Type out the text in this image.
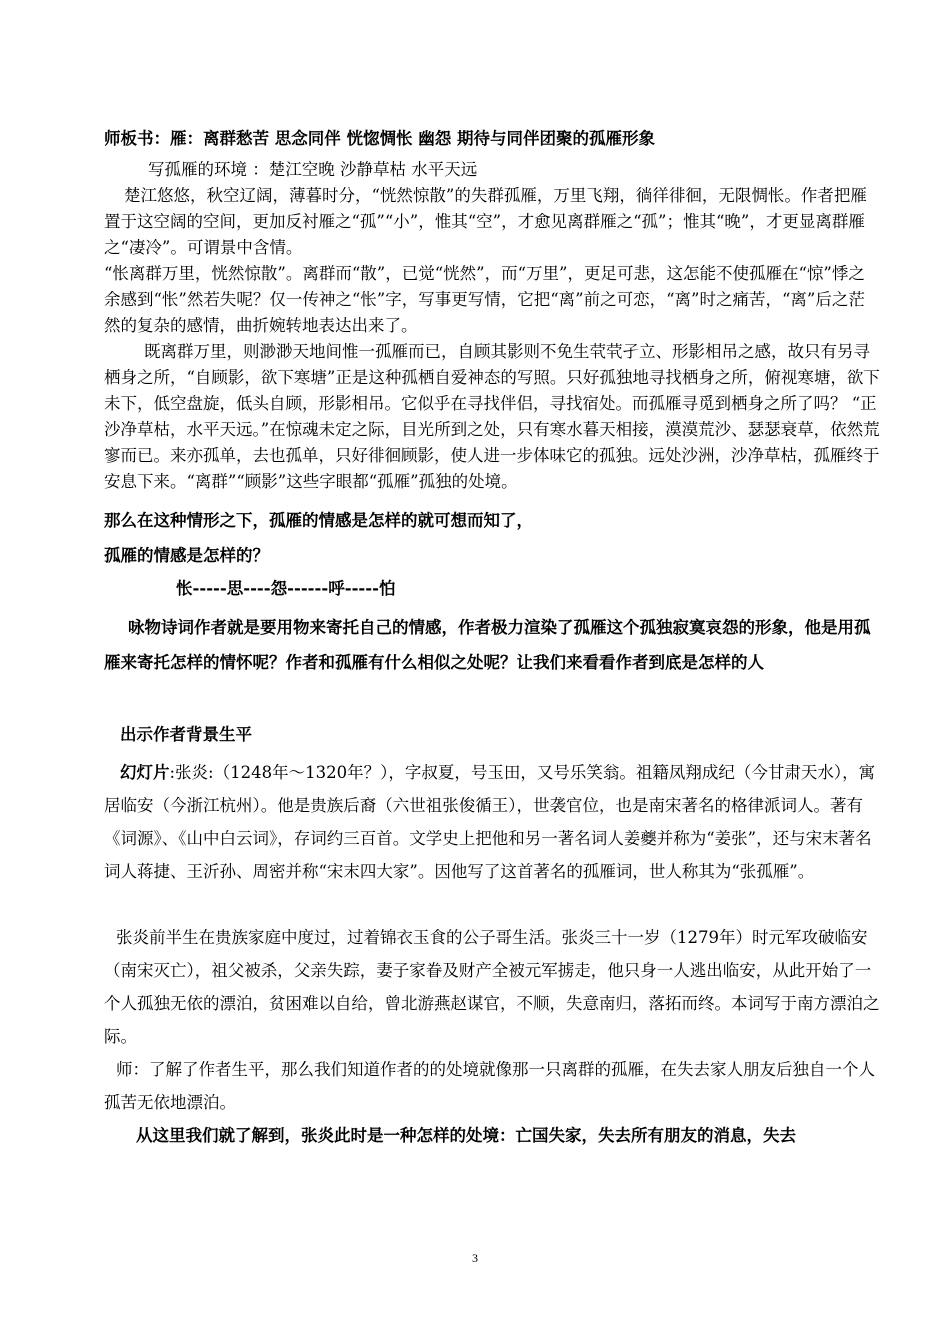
师板书：雁：离群愁苦 思念同伴 恍惚惆怅 幽怨 期待与同伴团聚的孤雁形象
写孤雁的环境 ：楚江空晚 沙静草枯 水平天远
楚江悠悠，秋空辽阔，薄暮时分，“恍然惊散”的失群孤雁，万里飞翔，徜徉徘徊，无限惆怅。作者把雁置于这空阔的空间，更加反衬雁之“孤”“小”，惟其“空”，才愈见离群雁之“孤”；惟其“晚”，才更显离群雁之“凄冷”。可谓景中含情。
“怅离群万里，恍然惊散”。离群而“散”，已觉“恍然”，而“万里”，更足可悲，这怎能不使孤雁在“惊”悸之余感到“怅”然若失呢？仅一传神之“怅”字，写事更写情，它把“离”前之可恋，“离”时之痛苦，“离”后之茫然的复杂的感情，曲折婉转地表达出来了。
既离群万里，则渺渺天地间惟一孤雁而已，自顾其影则不免生茕茕孑立、形影相吊之感，故只有另寻栖身之所，“自顾影，欲下寒塘”正是这种孤栖自爱神态的写照。只好孤独地寻找栖身之所，俯视寒塘，欲下未下，低空盘旋，低头自顾，形影相吊。它似乎在寻找伴侣，寻找宿处。而孤雁寻觅到栖身之所了吗？ “正沙净草枯，水平天远。”在惊魂未定之际，目光所到之处，只有寒水暮天相接，漠漠荒沙、瑟瑟衰草，依然荒寥而已。来亦孤单，去也孤单，只好徘徊顾影，使人进一步体味它的孤独。远处沙洲，沙净草枯，孤雁终于安息下来。“离群”“顾影”这些字眼都“孤雁”孤独的处境。
那么在这种情形之下，孤雁的情感是怎样的就可想而知了，
孤雁的情感是怎样的？
怅-----思----怨------呼-----怕
咏物诗词作者就是要用物来寄托自己的情感，作者极力渲染了孤雁这个孤独寂寞哀怨的形象，他是用孤雁来寄托怎样的情怀呢？作者和孤雁有什么相似之处呢？让我们来看看作者到底是怎样的人
出示作者背景生平
幻灯片:张炎:（1248年～1320年？），字叔夏，号玉田，又号乐笑翁。祖籍凤翔成纪（今甘肃天水），寓居临安（今浙江杭州）。他是贵族后裔（六世祖张俊循王），世袭官位，也是南宋著名的格律派词人。著有《词源》、《山中白云词》，存词约三百首。文学史上把他和另一著名词人姜夔并称为“姜张”，还与宋末著名词人蒋捷、王沂孙、周密并称“宋末四大家”。因他写了这首著名的孤雁词，世人称其为“张孤雁”。
张炎前半生在贵族家庭中度过，过着锦衣玉食的公子哥生活。张炎三十一岁（1279年）时元军攻破临安（南宋灭亡），祖父被杀，父亲失踪，妻子家眷及财产全被元军掳走，他只身一人逃出临安，从此开始了一个人孤独无依的漂泊，贫困难以自给，曾北游燕赵谋官，不顺，失意南归，落拓而终。本词写于南方漂泊之际。
师：了解了作者生平，那么我们知道作者的的处境就像那一只离群的孤雁，在失去家人朋友后独自一个人孤苦无依地漂泊。
从这里我们就了解到，张炎此时是一种怎样的处境：亡国失家，失去所有朋友的消息，失去
3
